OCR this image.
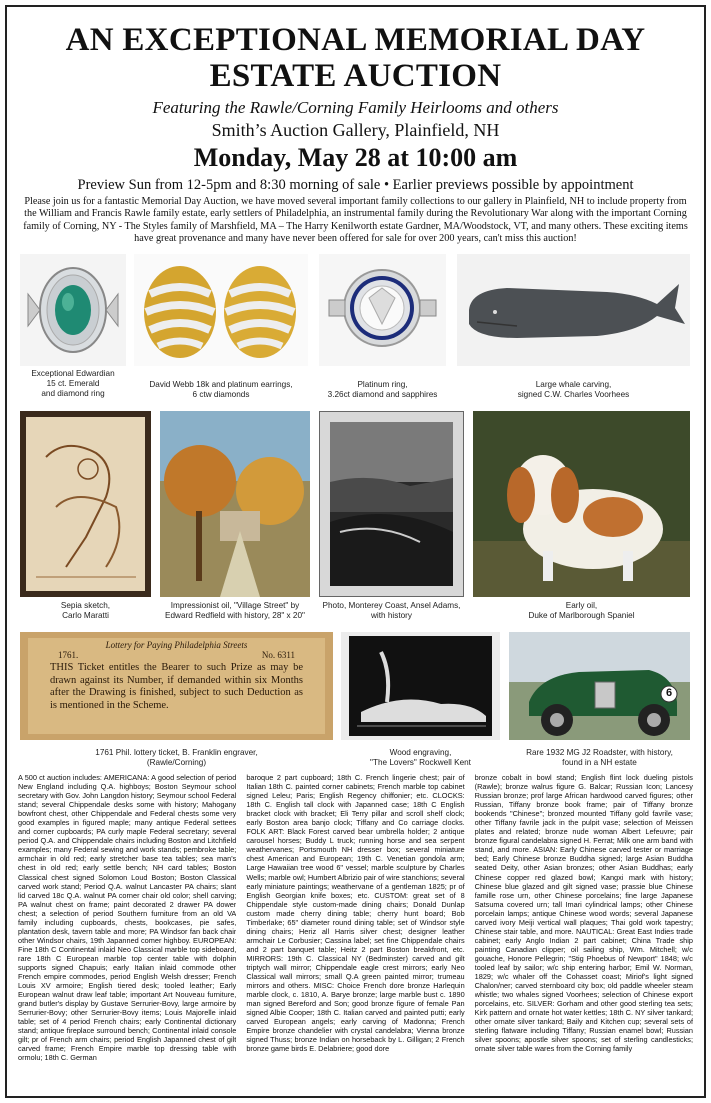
AN EXCEPTIONAL MEMORIAL DAY
ESTATE AUCTION
Featuring the Rawle/Corning Family Heirlooms and others
Smith’s Auction Gallery, Plainfield, NH
Monday, May 28 at 10:00 am
Preview Sun from 12-5pm and 8:30 morning of sale • Earlier previews possible by appointment
Please join us for a fantastic Memorial Day Auction, we have moved several important family collections to our gallery in Plainfield, NH to include property from the William and Francis Rawle family estate, early settlers of Philadelphia, an instrumental family during the Revolutionary War along with the important Corning family of Corning, NY - The Styles family of Marshfield, MA – The Harry Kenilworth estate Gardner, MA/Woodstock, VT, and many others. These exciting items have great provenance and many have never been offered for sale for over 200 years, can't miss this auction!
Exceptional Edwardian
15 ct. Emerald
and diamond ring
David Webb 18k and platinum earrings,
6 ctw diamonds
Platinum ring,
3.26ct diamond and sapphires
Large whale carving,
signed C.W. Charles Voorhees
Sepia sketch,
Carlo Maratti
Impressionist oil, "Village Street" by
Edward Redfield with history, 28" x 20"
Photo, Monterey Coast, Ansel Adams,
with history
Early oil,
Duke of Marlborough Spaniel
Lottery for Paying Philadelphia Streets
1761.	No. 6311
THIS Ticket entitles the Bearer to such Prize as may be drawn against its Number, if demanded within six Months after the Drawing is finished, subject to such Deduction as is mentioned in the Scheme.
1761 Phil. lottery ticket, B. Franklin engraver,
(Rawle/Corning)
Wood engraving,
"The Lovers" Rockwell Kent
6
Rare 1932 MG J2 Roadster, with history,
found in a NH estate
A 500 ct auction includes: AMERICANA: A good selection of period New England including Q.A. highboys; Boston Seymour school secretary with Gov. John Langdon history; Seymour school Federal stand; several Chippendale desks some with history; Mahogany bowfront chest, other Chippendale and Federal chests some very good examples in figured maple; many antique Federal settees and corner cupboards; PA curly maple Federal secretary; several period Q.A. and Chippendale chairs including Boston and Litchfield examples; many Federal sewing and work stands; pembroke table; armchair in old red; early stretcher base tea tables; sea man's chest in old red; early settle bench; NH card tables; Boston Classical chest signed Solomon Loud Boston; Boston Classical carved work stand; Period Q.A. walnut Lancaster PA chairs; slant lid carved 18c Q.A. walnut PA corner chair old color; shell carving; PA walnut chest on frame; paint decorated 2 drawer PA dower chest; a selection of period Southern furniture from an old VA family including cupboards, chests, bookcases, pie safes, plantation desk, tavern table and more; PA Windsor fan back chair other Windsor chairs, 19th Japanned comer highboy. EUROPEAN: Fine 18th C Continental inlaid Neo Classical marble top sideboard, rare 18th C European marble top center table with dolphin supports signed Chapuis; early Italian inlaid commode other French empire commodes, period English Welsh dresser; French Louis XV armoire; English tiered desk; tooled leather; Early European walnut draw leaf table; important Art Nouveau furniture, grand butler's display by Gustave Serrurier-Bovy, large armoire by Serrurier-Bovy; other Serrurier-Bovy items; Louis Majorelle inlaid table; set of 4 period French chairs; early Continental dictionary stand; antique fireplace surround bench; Continental inlaid console gilt; pr of French arm chairs; period English Japanned chest of gilt carved frame; French Empire marble top dressing table with ormolu; 18th C. German
baroque 2 part cupboard; 18th C. French lingerie chest; pair of Italian 18th C. painted corner cabinets; French marble top cabinet signed Leleu; Paris; English Regency chiffonier; etc. CLOCKS: 18th C. English tall clock with Japanned case; 18th C English bracket clock with bracket; Eli Terry pillar and scroll shelf clock; early Boston area banjo clock; Tiffany and Co carriage clocks. FOLK ART: Black Forest carved bear umbrella holder; 2 antique carousel horses; Buddy L truck; running horse and sea serpent weathervanes; Portsmouth NH dresser box; several miniature chest American and European; 19th C. Venetian gondola arm; Large Hawaiian tree wood 6" vessel; marble sculpture by Charles Wells; marble owl; Humbert Albrizio pair of wire stanchions; several early miniature paintings; weathervane of a gentleman 1825; pr of English Georgian knife boxes; etc. CUSTOM: great set of 8 Chippendale style custom-made dining chairs; Donald Dunlap custom made cherry dining table; cherry hunt board; Bob Timberlake; 65" diameter round dining table; set of Windsor style dining chairs; Heriz all Harris silver chest; designer leather armchair Le Corbusier; Cassina label; set fine Chippendale chairs and 2 part banquet table; Heitz 2 part Boston breakfront, etc. MIRRORS: 19th C. Classical NY (Bedminster) carved and gilt triptych wall mirror; Chippendale eagle crest mirrors; early Neo Classical wall mirrors; small Q.A green painted mirror; trumeau mirrors and others. MISC: Choice French dore bronze Harlequin marble clock, c. 1810, A. Barye bronze; large marble bust c. 1890 man signed Bereford and Son; good bronze figure of female Pan signed Albie Cooper; 18th C. Italian carved and painted putti; early carved European angels; early carving of Madonna; French Empire bronze chandelier with crystal candelabra; Vienna bronze signed Thuss; bronze Indian on horseback by L. Gilligan; 2 French bronze game birds E. Delabriere; good dore
bronze cobalt in bowl stand; English flint lock dueling pistols (Rawle); bronze walrus figure G. Balcar; Russian Icon; Lancesy Russian bronze; prof large African hardwood carved figures; other Russian, Tiffany bronze book frame; pair of Tiffany bronze bookends "Chinese"; bronzed mounted Tiffany gold favrile vase; other Tiffany favrile jack in the pulpit vase; selection of Meissen plates and related; bronze nude woman Albert Lefeuvre; pair bronze figural candelabra signed H. Ferrat; Milk one arm band with stand, and more. ASIAN: Early Chinese carved tester or marriage bed; Early Chinese bronze Buddha signed; large Asian Buddha seated Deity, other Asian bronzes; other Asian Buddhas; early Chinese copper red glazed bowl; Kangxi mark with history; Chinese blue glazed and gilt signed vase; prassie blue Chinese famille rose urn, other Chinese porcelains; fine large Japanese Satsuma covered urn; tall Imari cylindrical lamps; other Chinese porcelain lamps; antique Chinese wood words; several Japanese carved ivory Meiji vertical wall plaques; Thai gold work tapestry; Chinese stair table, and more. NAUTICAL: Great East Indies trade cabinet; early Anglo Indian 2 part cabinet; China Trade ship painting Canadian clipper; oil sailing ship, Wm. Mitchell; w/c gouache, Honore Pellegrin; "Stig Phoebus of Newport" 1848; w/c tooled leaf by sailor; w/c ship entering harbor; Emil W. Norman, 1829; w/c whaler off the Cohasset coast; Miriof's light signed Chalon/ner; carved sternboard city box; old paddle wheeler steam whistle; two whales signed Voorhees; selection of Chinese export porcelains, etc. SILVER: Gorham and other good sterling tea sets; Kirk pattern and ornate hot water kettles; 18th C. NY silver tankard; other ornate silver tankard; Baily and Kitchen cup; several sets of sterling flatware including Tiffany; Russian enamel bowl; Russian silver spoons; apostle silver spoons; set of sterling candlesticks; ornate silver table wares from the Corning family
